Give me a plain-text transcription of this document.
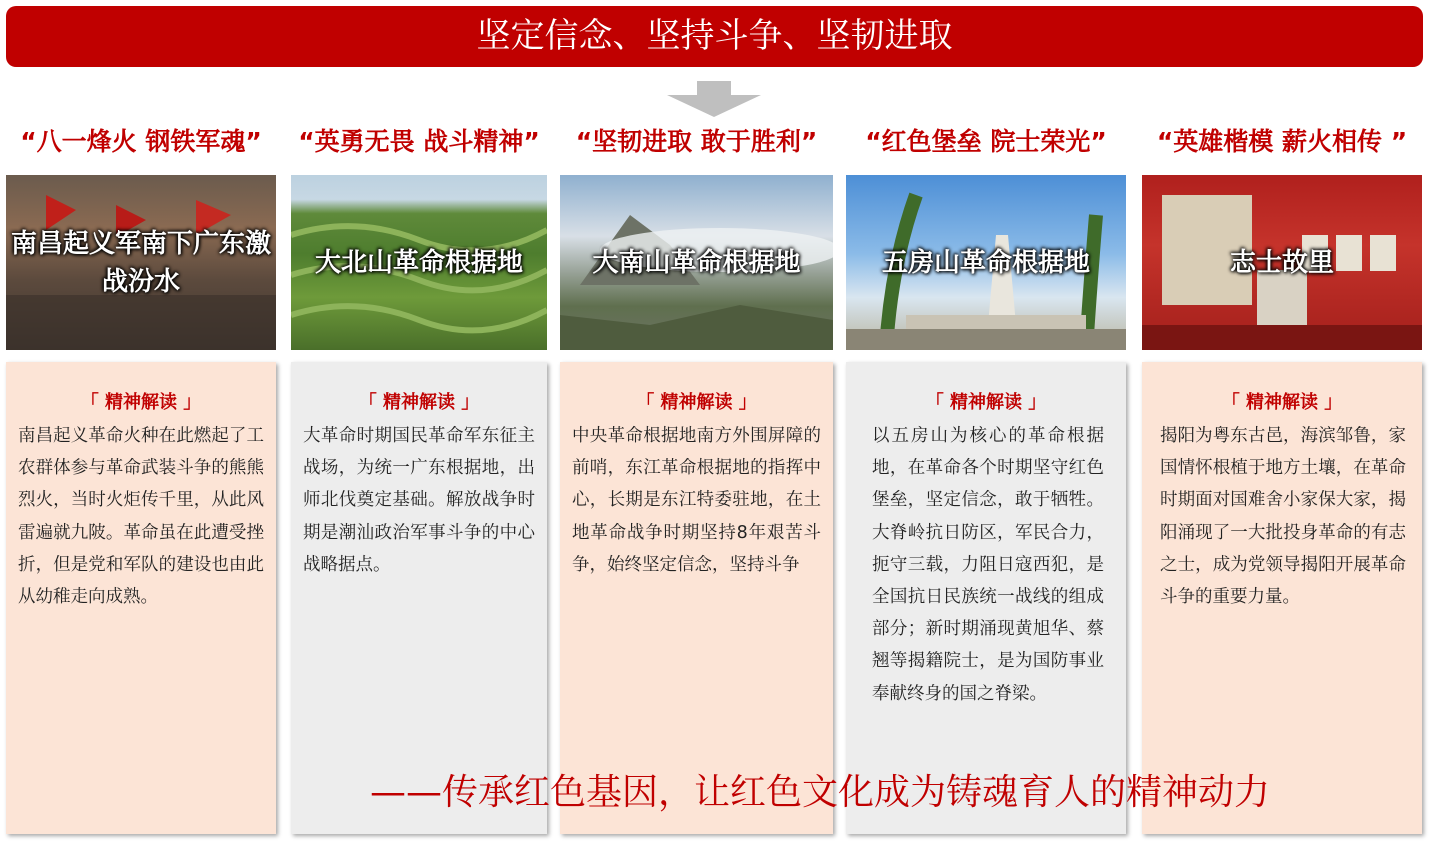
坚定信念、坚持斗争、坚韧进取
“八一烽火 钢铁军魂”	“英勇无畏 战斗精神”	“坚韧进取 敢于胜利”	“红色堡垒 院士荣光”	“英雄楷模 薪火相传 ”
南昌起义军南下广东激战汾水
大北山革命根据地	大南山革命根据地	五房山革命根据地	志士故里
「 精神解读 」
南昌起义革命火种在此燃起了工农群体参与革命武装斗争的熊熊烈火，当时火炬传千里，从此风雷遍就九陂。革命虽在此遭受挫折，但是党和军队的建设也由此从幼稚走向成熟。
「 精神解读 」
大革命时期国民革命军东征主战场，为统一广东根据地，出师北伐奠定基础。解放战争时期是潮汕政治军事斗争的中心战略据点。
「 精神解读 」
中央革命根据地南方外围屏障的前哨，东江革命根据地的指挥中心，长期是东江特委驻地，在土地革命战争时期坚持8年艰苦斗争，始终坚定信念，坚持斗争
「 精神解读 」
以五房山为核心的革命根据地，在革命各个时期坚守红色堡垒，坚定信念，敢于牺牲。大脊岭抗日防区，军民合力，扼守三载，力阻日寇西犯，是全国抗日民族统一战线的组成部分；新时期涌现黄旭华、蔡翘等揭籍院士，是为国防事业奉献终身的国之脊梁。
「 精神解读 」
揭阳为粤东古邑，海滨邹鲁，家国情怀根植于地方土壤，在革命时期面对国难舍小家保大家，揭阳涌现了一大批投身革命的有志之士，成为党领导揭阳开展革命斗争的重要力量。
——传承红色基因，让红色文化成为铸魂育人的精神动力
